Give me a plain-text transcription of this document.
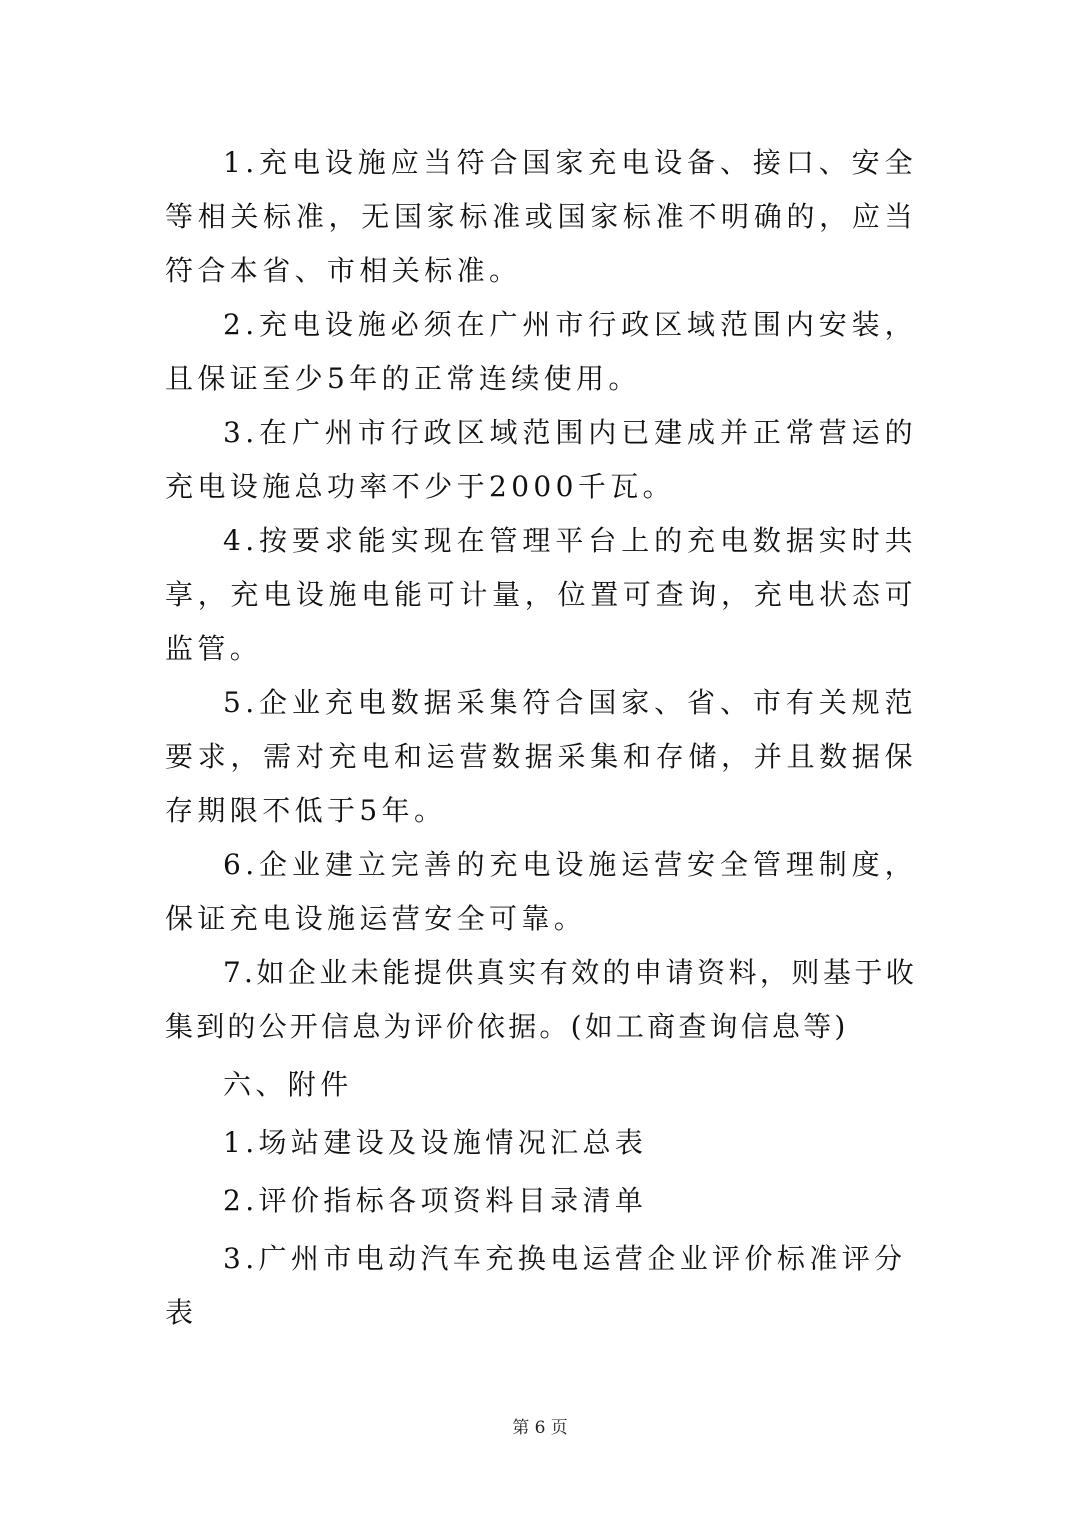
1.充电设施应当符合国家充电设备、接口、安全等相关标准，无国家标准或国家标准不明确的，应当符合本省、市相关标准。

2.充电设施必须在广州市行政区域范围内安装，且保证至少5年的正常连续使用。

3.在广州市行政区域范围内已建成并正常营运的充电设施总功率不少于2000千瓦。

4.按要求能实现在管理平台上的充电数据实时共享，充电设施电能可计量，位置可查询，充电状态可监管。

5.企业充电数据采集符合国家、省、市有关规范要求，需对充电和运营数据采集和存储，并且数据保存期限不低于5年。

6.企业建立完善的充电设施运营安全管理制度，保证充电设施运营安全可靠。

7.如企业未能提供真实有效的申请资料，则基于收集到的公开信息为评价依据。(如工商查询信息等)

六、附件

1.场站建设及设施情况汇总表
2.评价指标各项资料目录清单
3.广州市电动汽车充换电运营企业评价标准评分表
第 6 页
